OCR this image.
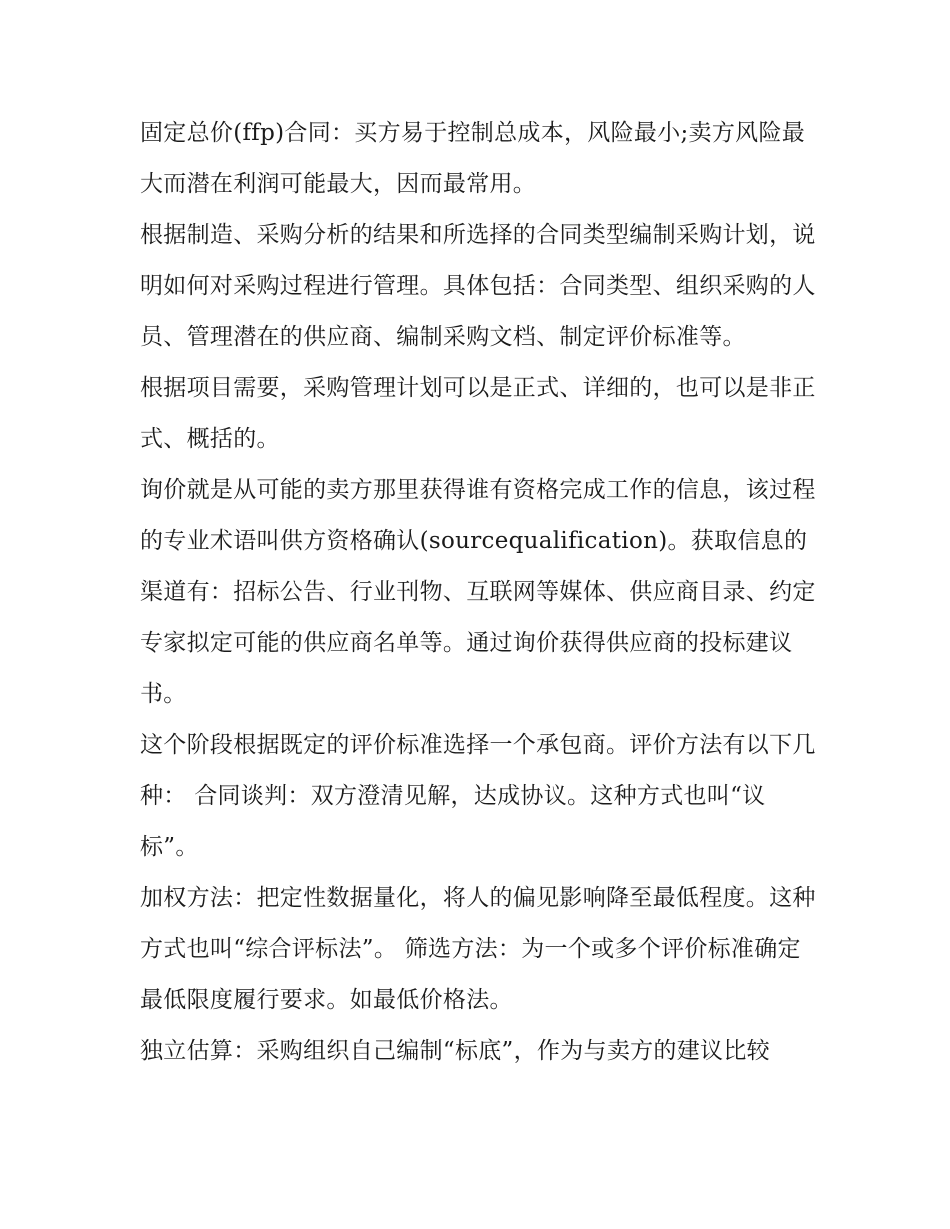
固定总价(ffp)合同：买方易于控制总成本，风险最小;卖方风险最大而潜在利润可能最大，因而最常用。

根据制造、采购分析的结果和所选择的合同类型编制采购计划，说明如何对采购过程进行管理。具体包括：合同类型、组织采购的人员、管理潜在的供应商、编制采购文档、制定评价标准等。

根据项目需要，采购管理计划可以是正式、详细的，也可以是非正式、概括的。

询价就是从可能的卖方那里获得谁有资格完成工作的信息，该过程的专业术语叫供方资格确认(sourcequalification)。获取信息的渠道有：招标公告、行业刊物、互联网等媒体、供应商目录、约定专家拟定可能的供应商名单等。通过询价获得供应商的投标建议书。

这个阶段根据既定的评价标准选择一个承包商。评价方法有以下几种： 合同谈判：双方澄清见解，达成协议。这种方式也叫“议标”。

加权方法：把定性数据量化，将人的偏见影响降至最低程度。这种方式也叫“综合评标法”。 筛选方法：为一个或多个评价标准确定最低限度履行要求。如最低价格法。

独立估算：采购组织自己编制“标底”，作为与卖方的建议比较
